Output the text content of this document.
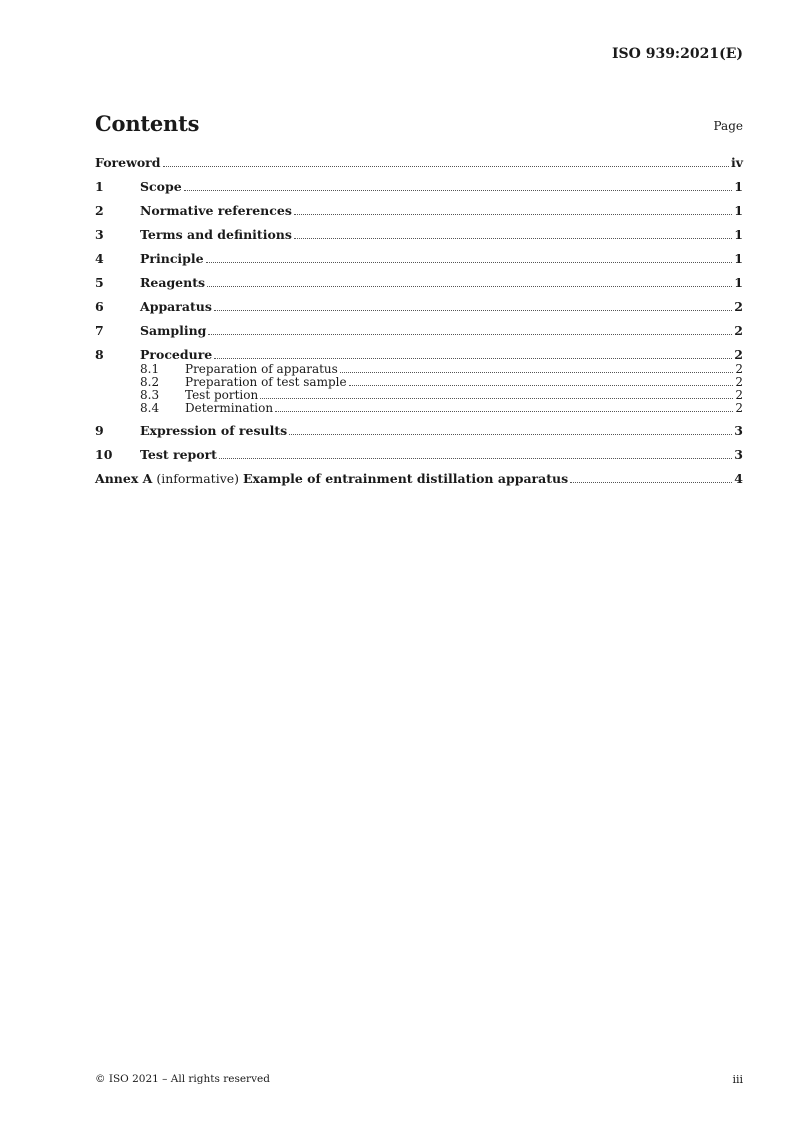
ISO 939:2021(E)
Contents	Page
Foreword	iv
1	Scope	1
2	Normative references	1
3	Terms and definitions	1
4	Principle	1
5	Reagents	1
6	Apparatus	2
7	Sampling	2
8	Procedure	2
8.1	Preparation of apparatus	2
8.2	Preparation of test sample	2
8.3	Test portion	2
8.4	Determination	2
9	Expression of results	3
10	Test report	3
Annex A (informative) Example of entrainment distillation apparatus	4
© ISO 2021 – All rights reserved	iii
